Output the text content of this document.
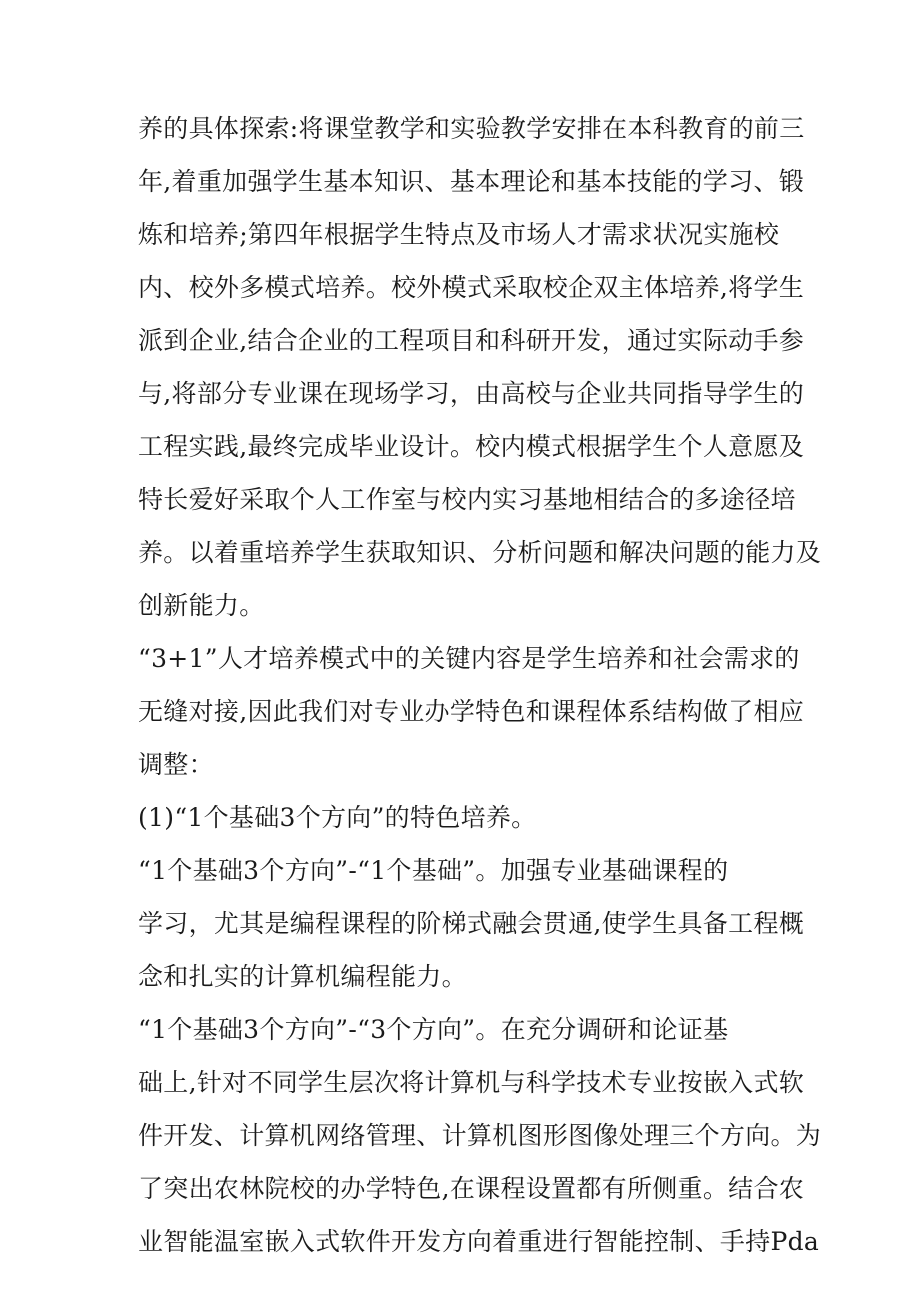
养的具体探索:将课堂教学和实验教学安排在本科教育的前三
年,着重加强学生基本知识、基本理论和基本技能的学习、锻
炼和培养;第四年根据学生特点及市场人才需求状况实施校
内、校外多模式培养。校外模式采取校企双主体培养,将学生
派到企业,结合企业的工程项目和科研开发，通过实际动手参
与,将部分专业课在现场学习，由高校与企业共同指导学生的
工程实践,最终完成毕业设计。校内模式根据学生个人意愿及
特长爱好采取个人工作室与校内实习基地相结合的多途径培
养。以着重培养学生获取知识、分析问题和解决问题的能力及
创新能力。
“3+1”人才培养模式中的关键内容是学生培养和社会需求的
无缝对接,因此我们对专业办学特色和课程体系结构做了相应
调整：
(1)“1个基础3个方向”的特色培养。
“1个基础3个方向”-“1个基础”。加强专业基础课程的
学习，尤其是编程课程的阶梯式融会贯通,使学生具备工程概
念和扎实的计算机编程能力。
“1个基础3个方向”-“3个方向”。在充分调研和论证基
础上,针对不同学生层次将计算机与科学技术专业按嵌入式软
件开发、计算机网络管理、计算机图形图像处理三个方向。为
了突出农林院校的办学特色,在课程设置都有所侧重。结合农
业智能温室嵌入式软件开发方向着重进行智能控制、手持Pda
